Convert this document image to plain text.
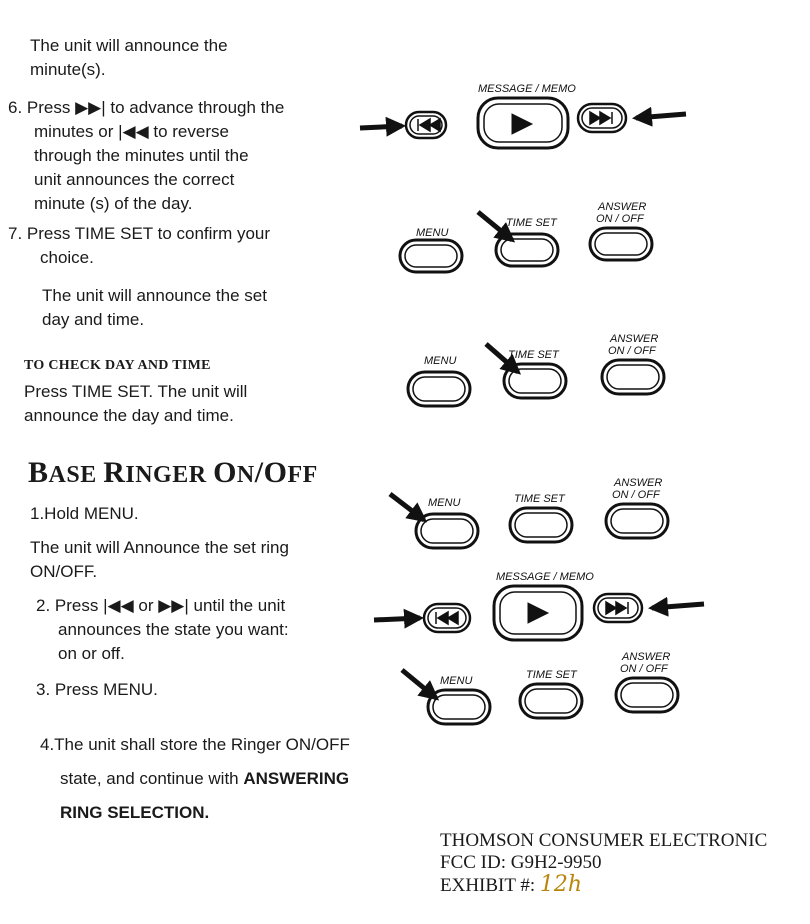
The unit will announce the
minute(s).
6. Press ▶▶| to advance through the
minutes or |◀◀ to reverse
through the minutes until the
unit announces the correct
minute (s) of the day.
7. Press TIME SET to confirm your
choice.
The unit will announce the set
day and time.
TO CHECK DAY AND TIME
Press TIME SET. The unit will
announce the day and time.
BASE RINGER ON/OFF
1.Hold MENU.
The unit will Announce the set ring
ON/OFF.
2. Press |◀◀ or ▶▶| until the unit
announces the state you want:
on or off.
3. Press MENU.
4.The unit shall store the Ringer ON/OFF
state, and continue with ANSWERING
RING SELECTION.
THOMSON CONSUMER ELECTRONIC
FCC ID: G9H2-9950
EXHIBIT #: 12h
MESSAGE / MEMO
MENU
TIME SET
ANSWER
ON / OFF
MENU	TIME SET
ANSWER
ON / OFF
MENU	TIME SET
ANSWER
ON / OFF
MESSAGE / MEMO
MENU	TIME SET
ANSWER
ON / OFF
